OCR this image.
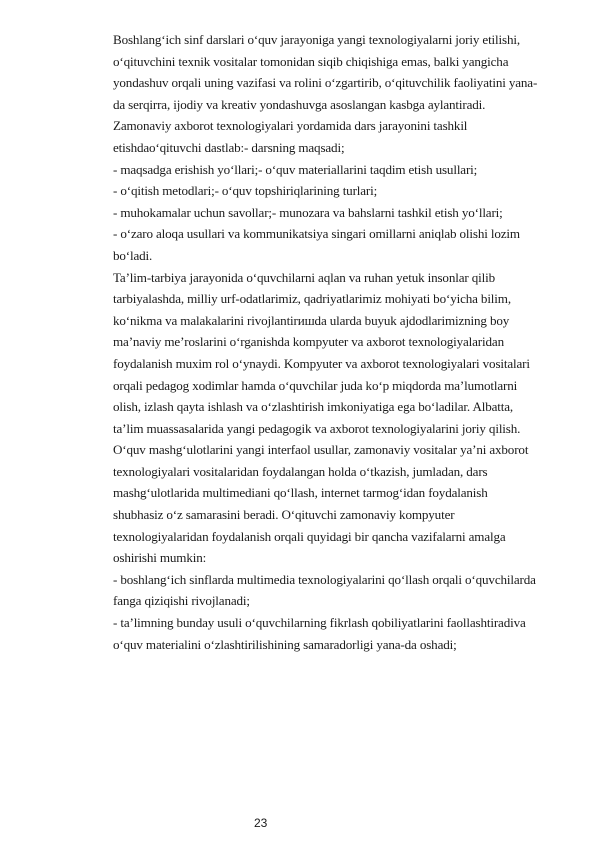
Boshlang‘ich sinf darslari o‘quv jarayoniga yangi texnologiyalarni joriy etilishi,
o‘qituvchini texnik vositalar tomonidan siqib chiqishiga emas, balki yangicha
yondashuv orqali uning vazifasi va rolini o‘zgartirib, o‘qituvchilik faoliyatini yana-
da serqirra, ijodiy va kreativ yondashuvga asoslangan kasbga aylantiradi.
Zamonaviy axborot texnologiyalari yordamida dars jarayonini tashkil
etishdao‘qituvchi dastlab:- darsning maqsadi;
- maqsadga erishish yo‘llari;- o‘quv materiallarini taqdim etish usullari;
- o‘qitish metodlari;- o‘quv topshiriqlarining turlari;
- muhokamalar uchun savollar;- munozara va bahslarni tashkil etish yo‘llari;
- o‘zaro aloqa usullari va kommunikatsiya singari omillarni aniqlab olishi lozim
bo‘ladi.
Ta’lim-tarbiya jarayonida o‘quvchilarni aqlan va ruhan yetuk insonlar qilib
tarbiyalashda, milliy urf-odatlarimiz, qadriyatlarimiz mohiyati bo‘yicha bilim,
ko‘nikma va malakalarini rivojlantirишda ularda buyuk ajdodlarimizning boy
ma’naviy me’roslarini o‘rganishda kompyuter va axborot texnologiyalaridan
foydalanish muxim rol o‘ynaydi. Kompyuter va axborot texnologiyalari vositalari
orqali pedagog xodimlar hamda o‘quvchilar juda ko‘p miqdorda ma’lumotlarni
olish, izlash qayta ishlash va o‘zlashtirish imkoniyatiga ega bo‘ladilar. Albatta,
ta’lim muassasalarida yangi pedagogik va axborot texnologiyalarini joriy qilish.
O‘quv mashg‘ulotlarini yangi interfaol usullar, zamonaviy vositalar ya’ni axborot
texnologiyalari vositalaridan foydalangan holda o‘tkazish, jumladan, dars
mashg‘ulotlarida multimediani qo‘llash, internet tarmog‘idan foydalanish
shubhasiz o‘z samarasini beradi. O‘qituvchi zamonaviy kompyuter
texnologiyalaridan foydalanish orqali quyidagi bir qancha vazifalarni amalga
oshirishi mumkin:
- boshlang‘ich sinflarda multimedia texnologiyalarini qo‘llash orqali o‘quvchilarda
fanga qiziqishi rivojlanadi;
- ta’limning bunday usuli o‘quvchilarning fikrlash qobiliyatlarini faollashtiradiva
o‘quv materialini o‘zlashtirilishining samaradorligi yana-da oshadi;
23
